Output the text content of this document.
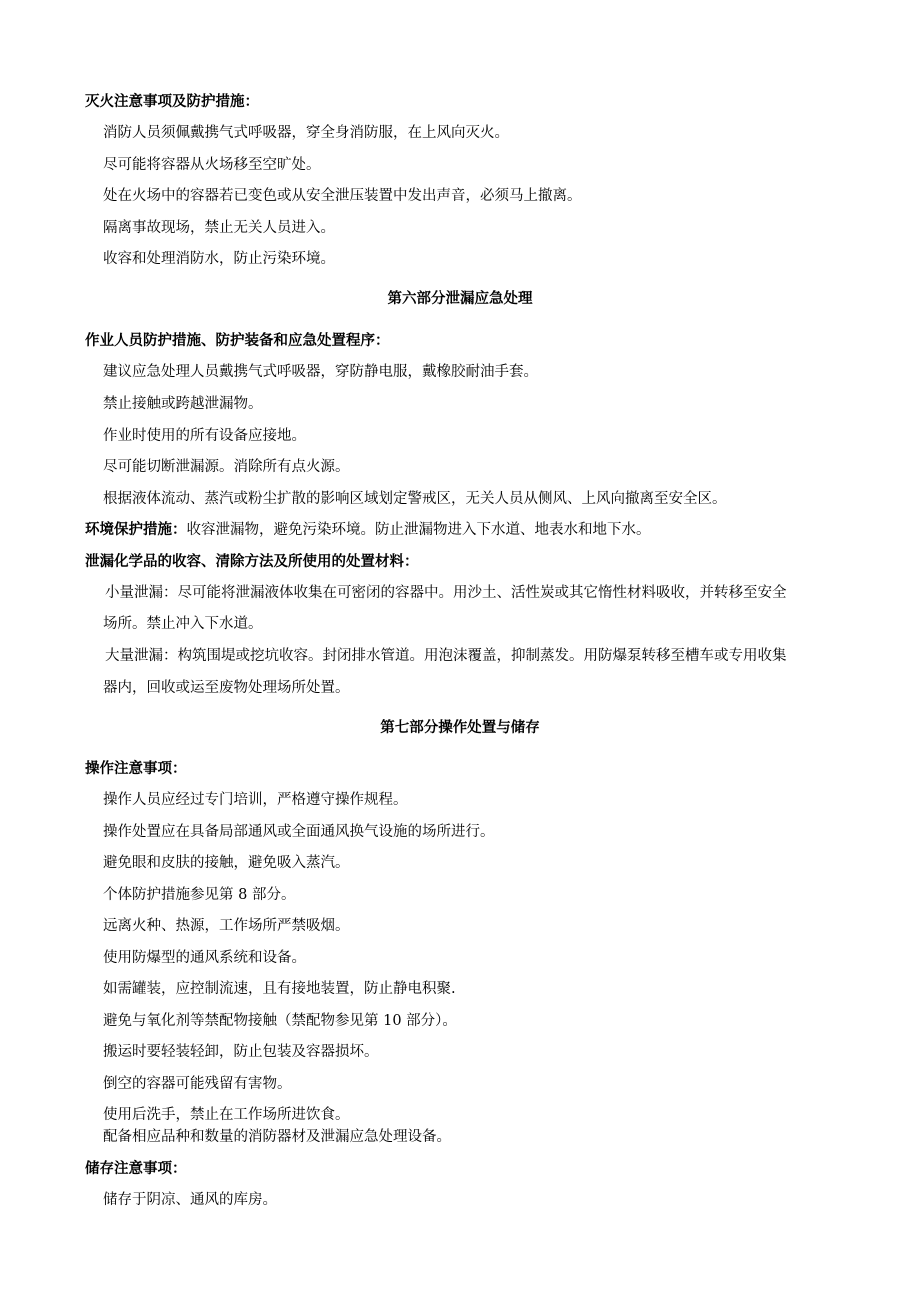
灭火注意事项及防护措施：
消防人员须佩戴携气式呼吸器，穿全身消防服，在上风向灭火。
尽可能将容器从火场移至空旷处。
处在火场中的容器若已变色或从安全泄压装置中发出声音，必须马上撤离。
隔离事故现场，禁止无关人员进入。
收容和处理消防水，防止污染环境。
第六部分泄漏应急处理
作业人员防护措施、防护装备和应急处置程序：
建议应急处理人员戴携气式呼吸器，穿防静电服，戴橡胶耐油手套。
禁止接触或跨越泄漏物。
作业时使用的所有设备应接地。
尽可能切断泄漏源。消除所有点火源。
根据液体流动、蒸汽或粉尘扩散的影响区域划定警戒区，无关人员从侧风、上风向撤离至安全区。
环境保护措施：收容泄漏物，避免污染环境。防止泄漏物进入下水道、地表水和地下水。
泄漏化学品的收容、清除方法及所使用的处置材料：
小量泄漏：尽可能将泄漏液体收集在可密闭的容器中。用沙土、活性炭或其它惰性材料吸收，并转移至安全
场所。禁止冲入下水道。
大量泄漏：构筑围堤或挖坑收容。封闭排水管道。用泡沫覆盖，抑制蒸发。用防爆泵转移至槽车或专用收集
器内，回收或运至废物处理场所处置。
第七部分操作处置与储存
操作注意事项：
操作人员应经过专门培训，严格遵守操作规程。
操作处置应在具备局部通风或全面通风换气设施的场所进行。
避免眼和皮肤的接触，避免吸入蒸汽。
个体防护措施参见第 8 部分。
远离火种、热源，工作场所严禁吸烟。
使用防爆型的通风系统和设备。
如需罐装，应控制流速，且有接地装置，防止静电积聚.
避免与氧化剂等禁配物接触（禁配物参见第 10 部分）。
搬运时要轻装轻卸，防止包装及容器损坏。
倒空的容器可能残留有害物。
使用后洗手，禁止在工作场所进饮食。
配备相应品种和数量的消防器材及泄漏应急处理设备。
储存注意事项：
储存于阴凉、通风的库房。
